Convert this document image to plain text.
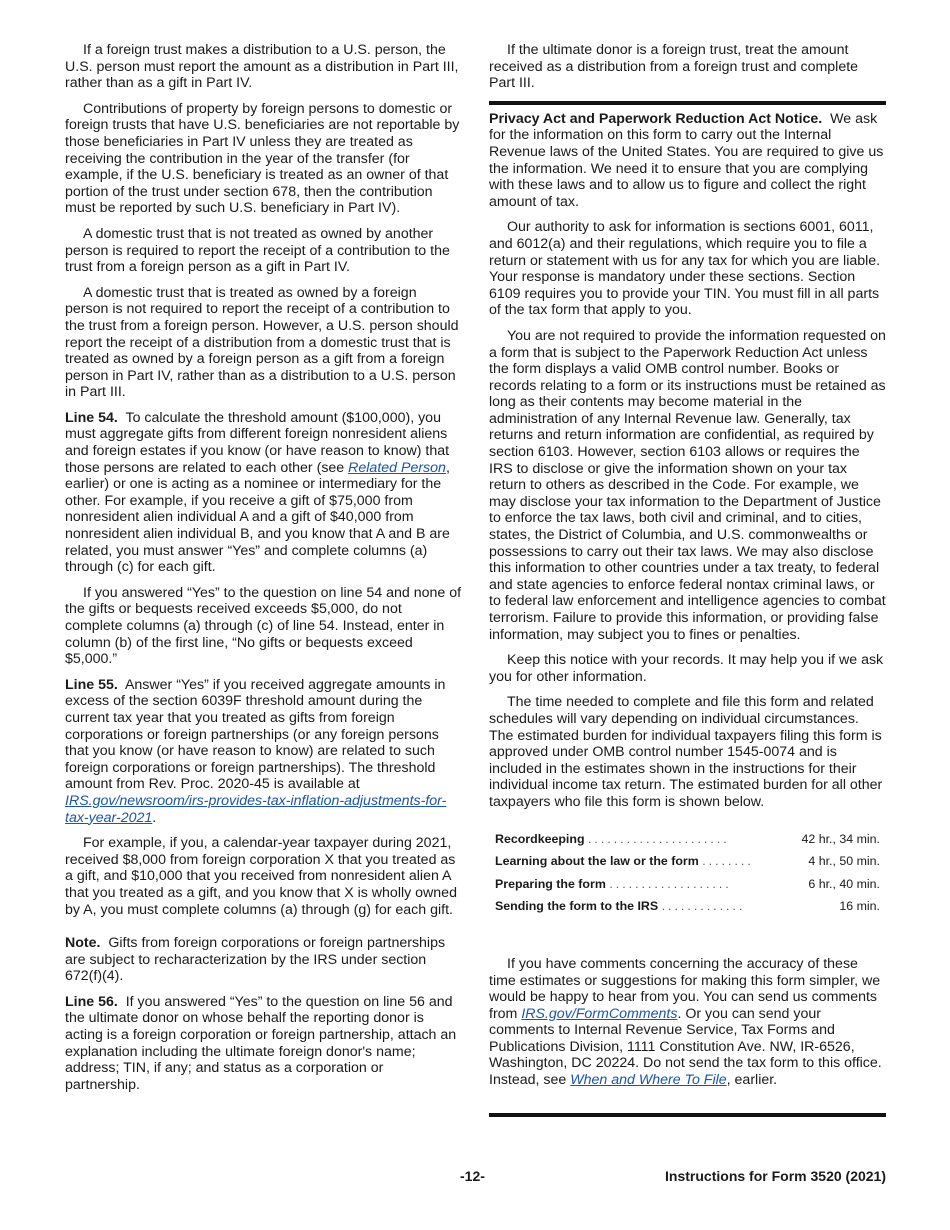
If a foreign trust makes a distribution to a U.S. person, the U.S. person must report the amount as a distribution in Part III, rather than as a gift in Part IV.

Contributions of property by foreign persons to domestic or foreign trusts that have U.S. beneficiaries are not reportable by those beneficiaries in Part IV unless they are treated as receiving the contribution in the year of the transfer (for example, if the U.S. beneficiary is treated as an owner of that portion of the trust under section 678, then the contribution must be reported by such U.S. beneficiary in Part IV).

A domestic trust that is not treated as owned by another person is required to report the receipt of a contribution to the trust from a foreign person as a gift in Part IV.

A domestic trust that is treated as owned by a foreign person is not required to report the receipt of a contribution to the trust from a foreign person. However, a U.S. person should report the receipt of a distribution from a domestic trust that is treated as owned by a foreign person as a gift from a foreign person in Part IV, rather than as a distribution to a U.S. person in Part III.

Line 54. To calculate the threshold amount ($100,000), you must aggregate gifts from different foreign nonresident aliens and foreign estates if you know (or have reason to know) that those persons are related to each other (see Related Person, earlier) or one is acting as a nominee or intermediary for the other. For example, if you receive a gift of $75,000 from nonresident alien individual A and a gift of $40,000 from nonresident alien individual B, and you know that A and B are related, you must answer “Yes” and complete columns (a) through (c) for each gift.

If you answered “Yes” to the question on line 54 and none of the gifts or bequests received exceeds $5,000, do not complete columns (a) through (c) of line 54. Instead, enter in column (b) of the first line, “No gifts or bequests exceed $5,000.”

Line 55. Answer “Yes” if you received aggregate amounts in excess of the section 6039F threshold amount during the current tax year that you treated as gifts from foreign corporations or foreign partnerships (or any foreign persons that you know (or have reason to know) are related to such foreign corporations or foreign partnerships). The threshold amount from Rev. Proc. 2020-45 is available at IRS.gov/newsroom/irs-provides-tax-inflation-adjustments-for-tax-year-2021.

For example, if you, a calendar-year taxpayer during 2021, received $8,000 from foreign corporation X that you treated as a gift, and $10,000 that you received from nonresident alien A that you treated as a gift, and you know that X is wholly owned by A, you must complete columns (a) through (g) for each gift.

Note. Gifts from foreign corporations or foreign partnerships are subject to recharacterization by the IRS under section 672(f)(4).

Line 56. If you answered “Yes” to the question on line 56 and the ultimate donor on whose behalf the reporting donor is acting is a foreign corporation or foreign partnership, attach an explanation including the ultimate foreign donor's name; address; TIN, if any; and status as a corporation or partnership.

If the ultimate donor is a foreign trust, treat the amount received as a distribution from a foreign trust and complete Part III.

Privacy Act and Paperwork Reduction Act Notice. We ask for the information on this form to carry out the Internal Revenue laws of the United States. You are required to give us the information. We need it to ensure that you are complying with these laws and to allow us to figure and collect the right amount of tax.

Our authority to ask for information is sections 6001, 6011, and 6012(a) and their regulations, which require you to file a return or statement with us for any tax for which you are liable. Your response is mandatory under these sections. Section 6109 requires you to provide your TIN. You must fill in all parts of the tax form that apply to you.

You are not required to provide the information requested on a form that is subject to the Paperwork Reduction Act unless the form displays a valid OMB control number. Books or records relating to a form or its instructions must be retained as long as their contents may become material in the administration of any Internal Revenue law. Generally, tax returns and return information are confidential, as required by section 6103. However, section 6103 allows or requires the IRS to disclose or give the information shown on your tax return to others as described in the Code. For example, we may disclose your tax information to the Department of Justice to enforce the tax laws, both civil and criminal, and to cities, states, the District of Columbia, and U.S. commonwealths or possessions to carry out their tax laws. We may also disclose this information to other countries under a tax treaty, to federal and state agencies to enforce federal nontax criminal laws, or to federal law enforcement and intelligence agencies to combat terrorism. Failure to provide this information, or providing false information, may subject you to fines or penalties.

Keep this notice with your records. It may help you if we ask you for other information.

The time needed to complete and file this form and related schedules will vary depending on individual circumstances. The estimated burden for individual taxpayers filing this form is approved under OMB control number 1545-0074 and is included in the estimates shown in the instructions for their individual income tax return. The estimated burden for all other taxpayers who file this form is shown below.

Recordkeeping ......................	42 hr., 34 min.
Learning about the law or the form ........	4 hr., 50 min.
Preparing the form ...................	6 hr., 40 min.
Sending the form to the IRS .............	16 min.

If you have comments concerning the accuracy of these time estimates or suggestions for making this form simpler, we would be happy to hear from you. You can send us comments from IRS.gov/FormComments. Or you can send your comments to Internal Revenue Service, Tax Forms and Publications Division, 1111 Constitution Ave. NW, IR-6526, Washington, DC 20224. Do not send the tax form to this office. Instead, see When and Where To File, earlier.

-12-	Instructions for Form 3520 (2021)
